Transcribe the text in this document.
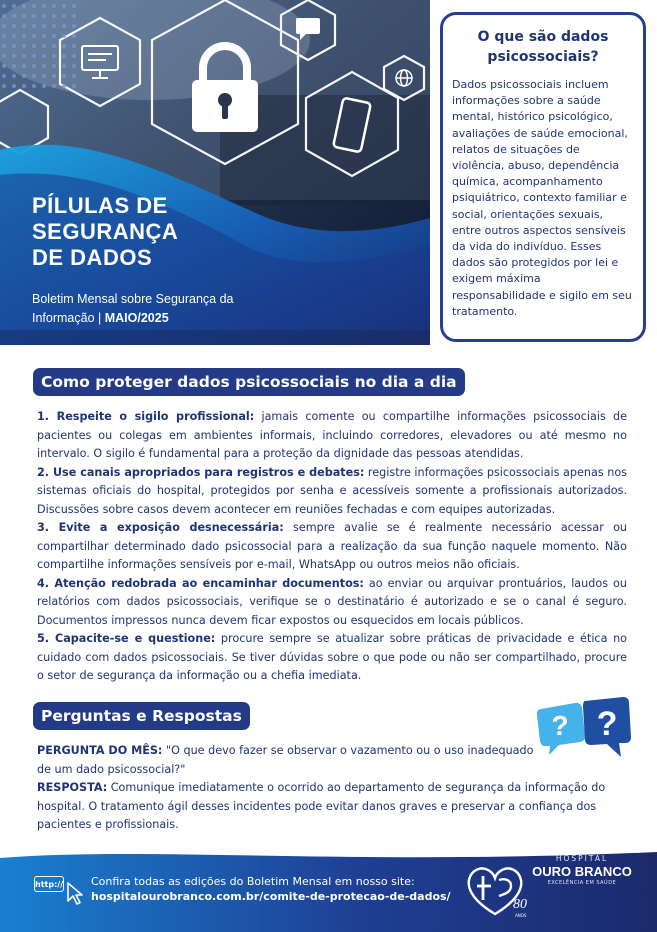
PÍLULAS DE
SEGURANÇA
DE DADOS
Boletim Mensal sobre Segurança da
Informação | MAIO/2025
O que são dados psicossociais?
Dados psicossociais incluem informações sobre a saúde mental, histórico psicológico, avaliações de saúde emocional, relatos de situações de violência, abuso, dependência química, acompanhamento psiquiátrico, contexto familiar e social, orientações sexuais, entre outros aspectos sensíveis da vida do indivíduo. Esses dados são protegidos por lei e exigem máxima responsabilidade e sigilo em seu tratamento.
Como proteger dados psicossociais no dia a dia

1. Respeite o sigilo profissional: jamais comente ou compartilhe informações psicossociais de pacientes ou colegas em ambientes informais, incluindo corredores, elevadores ou até mesmo no intervalo. O sigilo é fundamental para a proteção da dignidade das pessoas atendidas.

2. Use canais apropriados para registros e debates: registre informações psicossociais apenas nos sistemas oficiais do hospital, protegidos por senha e acessíveis somente a profissionais autorizados. Discussões sobre casos devem acontecer em reuniões fechadas e com equipes autorizadas.

3. Evite a exposição desnecessária: sempre avalie se é realmente necessário acessar ou compartilhar determinado dado psicossocial para a realização da sua função naquele momento. Não compartilhe informações sensíveis por e-mail, WhatsApp ou outros meios não oficiais.

4. Atenção redobrada ao encaminhar documentos: ao enviar ou arquivar prontuários, laudos ou relatórios com dados psicossociais, verifique se o destinatário é autorizado e se o canal é seguro. Documentos impressos nunca devem ficar expostos ou esquecidos em locais públicos.

5. Capacite-se e questione: procure sempre se atualizar sobre práticas de privacidade e ética no cuidado com dados psicossociais. Se tiver dúvidas sobre o que pode ou não ser compartilhado, procure o setor de segurança da informação ou a chefia imediata.

Perguntas e Respostas	? ?

PERGUNTA DO MÊS: "O que devo fazer se observar o vazamento ou o uso inadequado
de um dado psicossocial?"

RESPOSTA: Comunique imediatamente o ocorrido ao departamento de segurança da informação do hospital. O tratamento ágil desses incidentes pode evitar danos graves e preservar a confiança dos pacientes e profissionais.

http://	Confira todas as edições do Boletim Mensal em nosso site:
hospitalourobranco.com.br/comite-de-protecao-de-dados/
80
ANOS
HOSPITAL
OURO BRANCO
EXCELÊNCIA EM SAÚDE
